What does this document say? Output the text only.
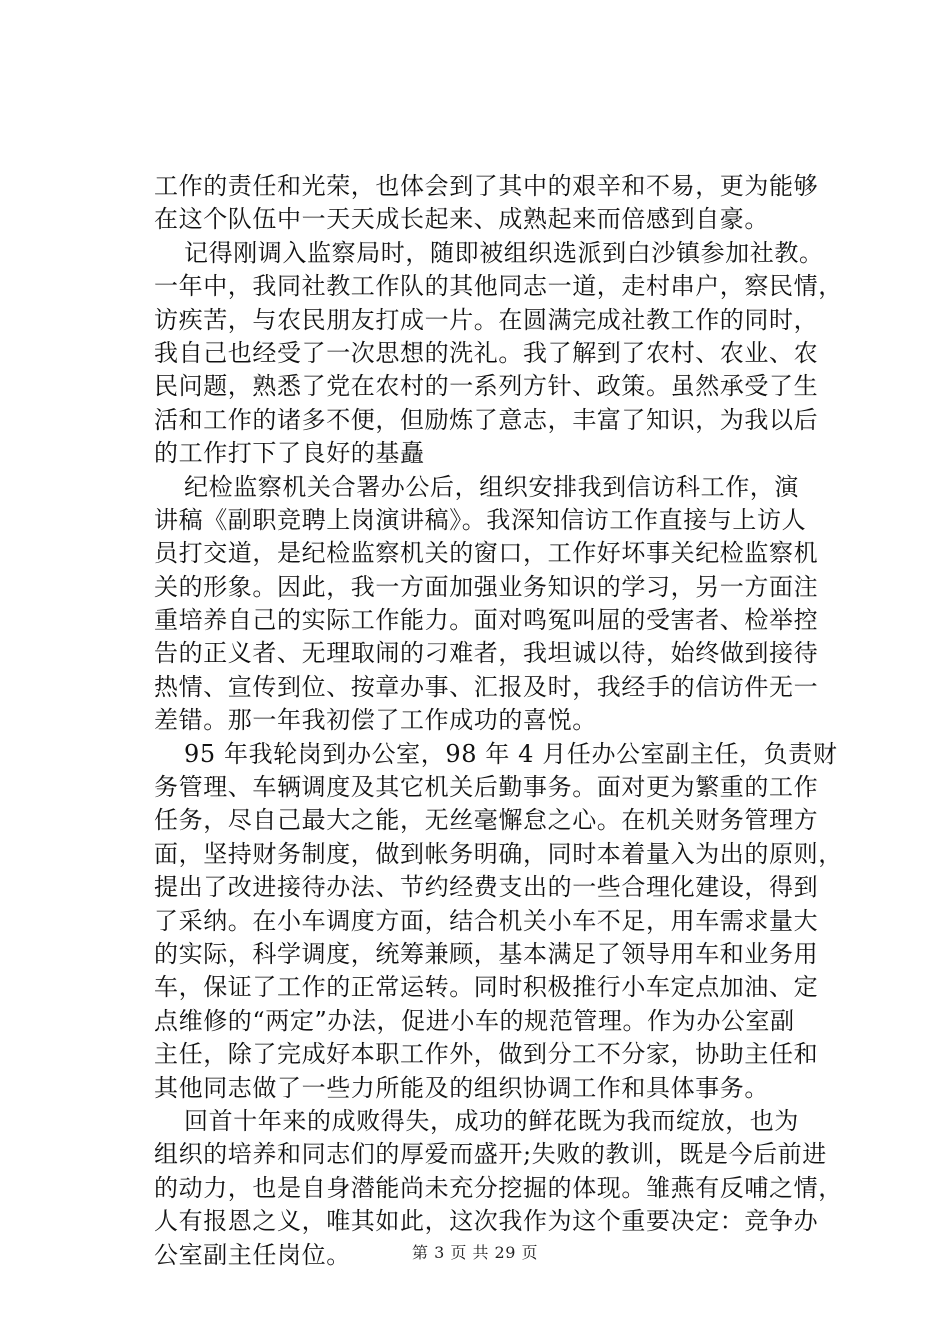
工作的责任和光荣，也体会到了其中的艰辛和不易，更为能够
在这个队伍中一天天成长起来、成熟起来而倍感到自豪。
记得刚调入监察局时，随即被组织选派到白沙镇参加社教。
一年中，我同社教工作队的其他同志一道，走村串户，察民情，
访疾苦，与农民朋友打成一片。在圆满完成社教工作的同时，
我自己也经受了一次思想的洗礼。我了解到了农村、农业、农
民问题，熟悉了党在农村的一系列方针、政策。虽然承受了生
活和工作的诸多不便，但励炼了意志，丰富了知识，为我以后
的工作打下了良好的基矗
纪检监察机关合署办公后，组织安排我到信访科工作，演
讲稿《副职竞聘上岗演讲稿》。我深知信访工作直接与上访人
员打交道，是纪检监察机关的窗口，工作好坏事关纪检监察机
关的形象。因此，我一方面加强业务知识的学习，另一方面注
重培养自己的实际工作能力。面对鸣冤叫屈的受害者、检举控
告的正义者、无理取闹的刁难者，我坦诚以待，始终做到接待
热情、宣传到位、按章办事、汇报及时，我经手的信访件无一
差错。那一年我初偿了工作成功的喜悦。
95 年我轮岗到办公室，98 年 4 月任办公室副主任，负责财
务管理、车辆调度及其它机关后勤事务。面对更为繁重的工作
任务，尽自己最大之能，无丝毫懈怠之心。在机关财务管理方
面，坚持财务制度，做到帐务明确，同时本着量入为出的原则，
提出了改进接待办法、节约经费支出的一些合理化建设，得到
了采纳。在小车调度方面，结合机关小车不足，用车需求量大
的实际，科学调度，统筹兼顾，基本满足了领导用车和业务用
车，保证了工作的正常运转。同时积极推行小车定点加油、定
点维修的“两定”办法，促进小车的规范管理。作为办公室副
主任，除了完成好本职工作外，做到分工不分家，协助主任和
其他同志做了一些力所能及的组织协调工作和具体事务。
回首十年来的成败得失，成功的鲜花既为我而绽放，也为
组织的培养和同志们的厚爱而盛开;失败的教训，既是今后前进
的动力，也是自身潜能尚未充分挖掘的体现。雏燕有反哺之情，
人有报恩之义，唯其如此，这次我作为这个重要决定：竞争办
公室副主任岗位。	第 3 页 共 29 页
